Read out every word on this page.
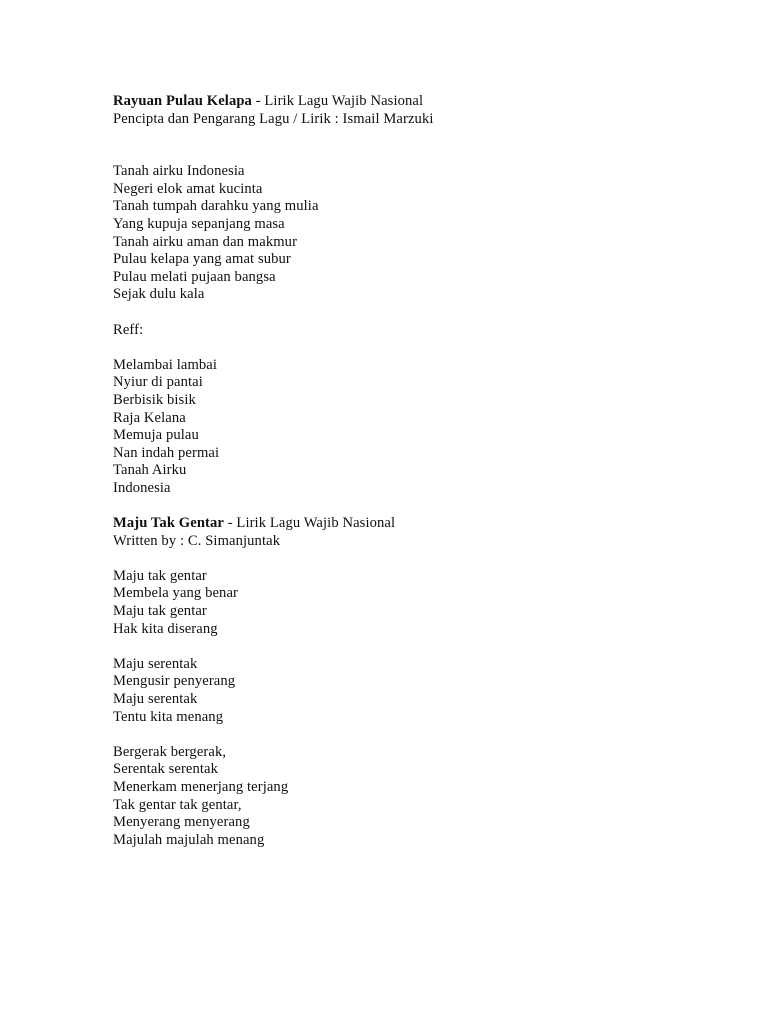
Rayuan Pulau Kelapa - Lirik Lagu Wajib Nasional
Pencipta dan Pengarang Lagu / Lirik : Ismail Marzuki
Tanah airku Indonesia
Negeri elok amat kucinta
Tanah tumpah darahku yang mulia
Yang kupuja sepanjang masa
Tanah airku aman dan makmur
Pulau kelapa yang amat subur
Pulau melati pujaan bangsa
Sejak dulu kala
Reff:
Melambai lambai
Nyiur di pantai
Berbisik bisik
Raja Kelana
Memuja pulau
Nan indah permai
Tanah Airku
Indonesia
Maju Tak Gentar - Lirik Lagu Wajib Nasional
Written by : C. Simanjuntak
Maju tak gentar
Membela yang benar
Maju tak gentar
Hak kita diserang
Maju serentak
Mengusir penyerang
Maju serentak
Tentu kita menang
Bergerak bergerak,
Serentak serentak
Menerkam menerjang terjang
Tak gentar tak gentar,
Menyerang menyerang
Majulah majulah menang
